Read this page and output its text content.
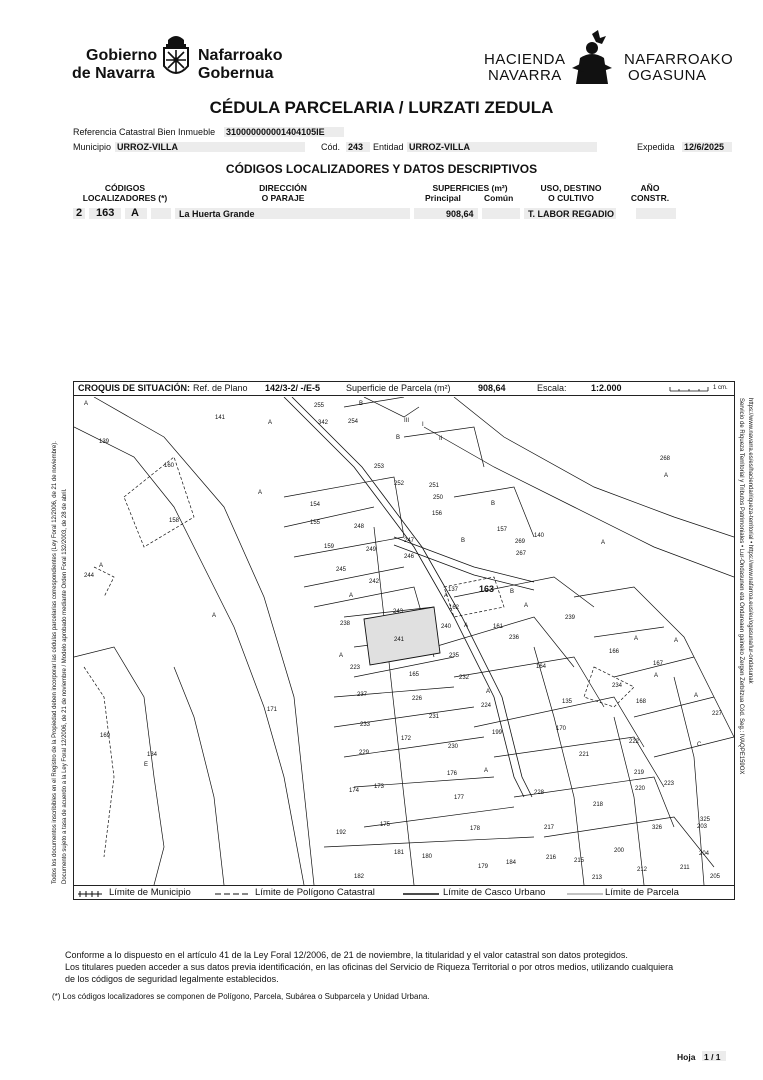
Gobierno
de Navarra
Nafarroako
Gobernua
HACIENDA
NAVARRA
NAFARROAKO
OGASUNA
CÉDULA PARCELARIA / LURZATI ZEDULA
Referencia Catastral Bien Inmueble 310000000001404105IE
Municipio URROZ-VILLA	Cód. 243 Entidad URROZ-VILLA	Expedida 12/6/2025
CÓDIGOS LOCALIZADORES Y DATOS DESCRIPTIVOS
CÓDIGOS
LOCALIZADORES (*)
DIRECCIÓN
O PARAJE
SUPERFICIES (m²)
Principal	Común
USO, DESTINO
O CULTIVO
AÑO
CONSTR.
2 163 A	La Huerta Grande	908,64	T. LABOR REGADIO
CROQUIS DE SITUACIÓN: Ref. de Plano 142/3-2/ -/E-5	Superficie de Parcela (m²)	908,64	Escala:	1:2.000	1 cm.
255	B
254
342
141
139
III
I
II
B
253
268
A
B
252	251
154
250
155
156
248
246
157
159	249
247	B
267
269	A
140
158
160
245
242
137	B
244
A
162
163
243
241
240	161
239
238
236
235
164
166
223
165
167
237
226
A
234
232
224
135	168
171
233
231
199
170
227
172
230
222	C
169
229	221
134
E
176	219
173
228
220
174
177
223
218
178	217	326
325
203
175
192
200	204
181
180
179
184
216	215
212	211
182	213	205
A
A
A
A
A
A
A
A
A
A
A
A
A
A
Límite de Municipio	Límite de Polígono Catastral	Límite de Casco Urbano	Límite de Parcela
Todos los documentos inscribibles en el Registro de la Propiedad deben incorporar las cédulas parcelarias correspondientes (Ley Foral 12/2006, de 21 de noviembre). Documento sujeto a tasa de acuerdo a la Ley Foral 12/2006, de 21 de noviembre / Modelo aprobado mediante Orden Foral 132/2003, de 28 de abril.	Servicio de Riqueza Territorial y Tributos Patrimoniales • Lur-Ondasunen eta Ondareaen gaineko Zergen Zerbitzua Cód. Seg.: IVAQPE159OX https://www.navarra.es/es/hacienda/riqueza-territorial • https://www.nafarroa.eus/eu/ogasuna/lur-ondasunak
Conforme a lo dispuesto en el artículo 41 de la Ley Foral 12/2006, de 21 de noviembre, la titularidad y el valor catastral son datos protegidos.
Los titulares pueden acceder a sus datos previa identificación, en las oficinas del Servicio de Riqueza Territorial o por otros medios, utilizando cualquiera
de los códigos de seguridad legalmente establecidos.
(*) Los códigos localizadores se componen de Polígono, Parcela, Subárea o Subparcela y Unidad Urbana.
Hoja 1 / 1
